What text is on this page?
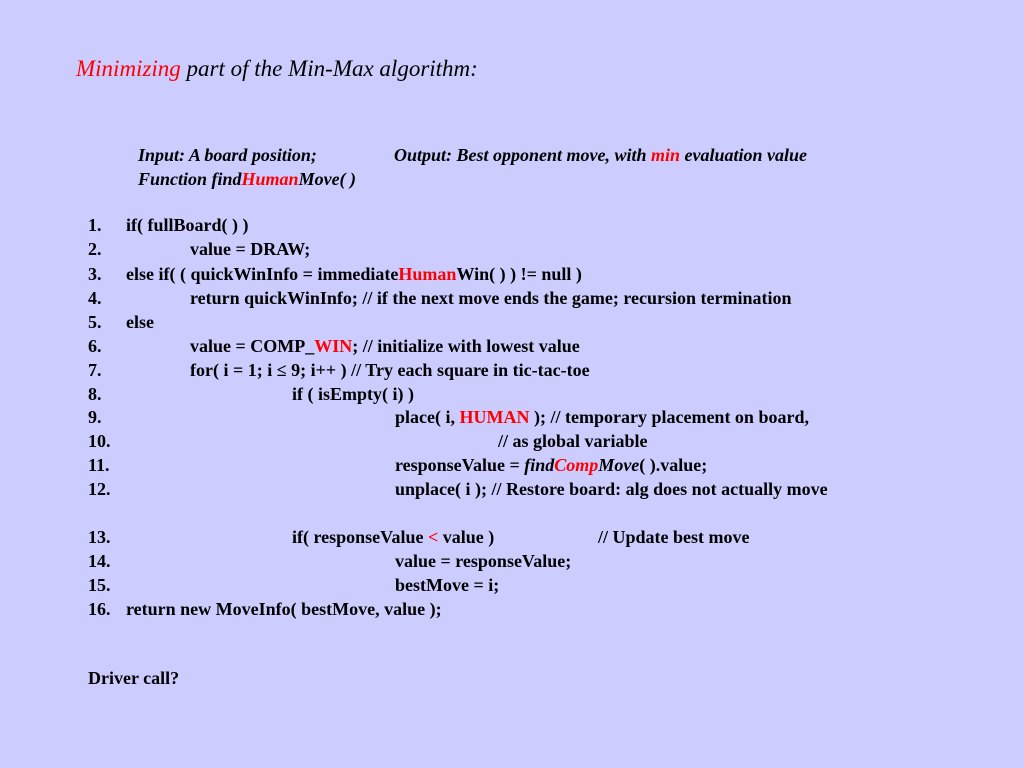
Minimizing part of the Min-Max algorithm:
Input: A board position;	Output: Best opponent move, with min evaluation value
Function findHumanMove( )
1. if( fullBoard( ) )
2.	value = DRAW;
3. else if( ( quickWinInfo = immediateHumanWin( ) ) != null )
4.	return quickWinInfo; // if the next move ends the game; recursion termination
5. else
6.	value = COMP_WIN; // initialize with lowest value
7.	for( i = 1; i ≤ 9; i++ ) // Try each square in tic-tac-toe
8.	if ( isEmpty( i) )
9.	place( i, HUMAN ); // temporary placement on board,
10.	// as global variable
11.	responseValue = findCompMove( ).value;
12.	unplace( i ); // Restore board: alg does not actually move
13.	if( responseValue < value )	// Update best move
14.	value = responseValue;
15.	bestMove = i;
16. return new MoveInfo( bestMove, value );
Driver call?
